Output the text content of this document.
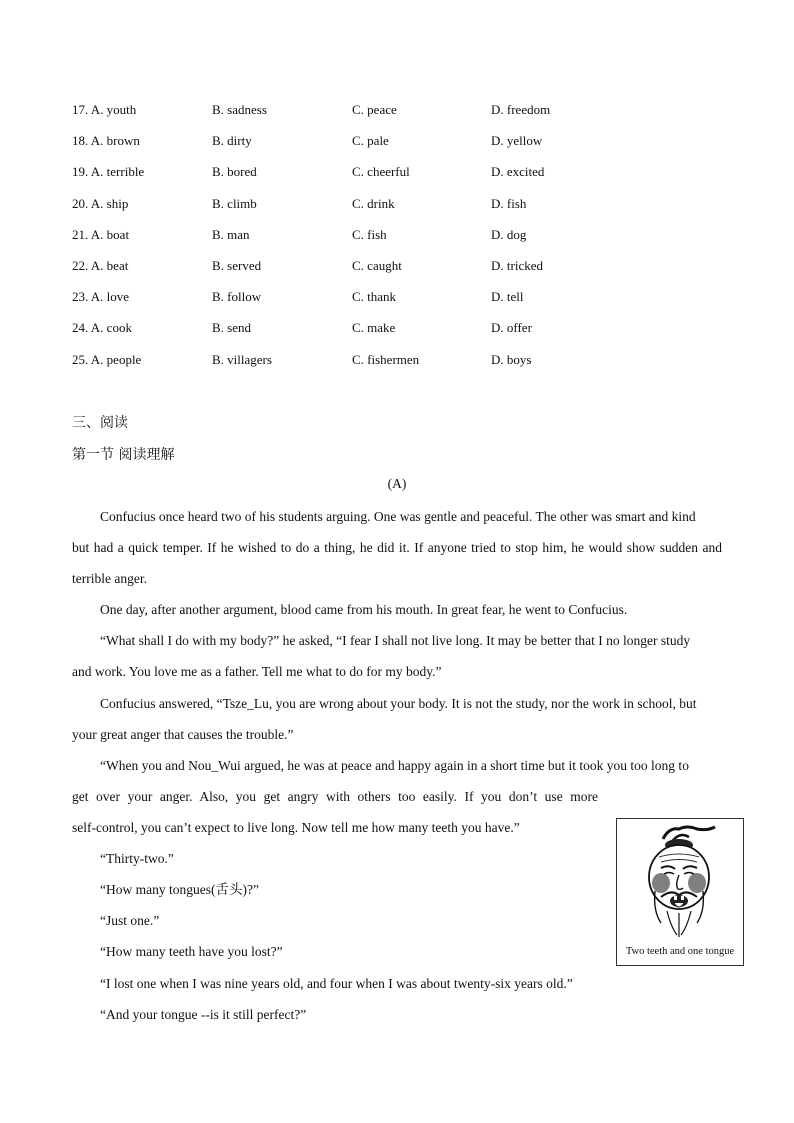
17. A. youth	B. sadness	C. peace	D. freedom
18. A. brown	B. dirty	C. pale	D. yellow
19. A. terrible	B. bored	C. cheerful	D. excited
20. A. ship	B. climb	C. drink	D. fish
21. A. boat	B. man	C. fish	D. dog
22. A. beat	B. served	C. caught	D. tricked
23. A. love	B. follow	C. thank	D. tell
24. A. cook	B. send	C. make	D. offer
25. A. people	B. villagers	C. fishermen	D. boys
三、阅读
第一节 阅读理解
(A)
Confucius once heard two of his students arguing. One was gentle and peaceful. The other was smart and kind
but had a quick temper. If he wished to do a thing, he did it. If anyone tried to stop him, he would show sudden and
terrible anger.
One day, after another argument, blood came from his mouth. In great fear, he went to Confucius.
“What shall I do with my body?” he asked, “I fear I shall not live long. It may be better that I no longer study
and work. You love me as a father. Tell me what to do for my body.”
Confucius answered, “Tsze_Lu, you are wrong about your body. It is not the study, nor the work in school, but
your great anger that causes the trouble.”
“When you and Nou_Wui argued, he was at peace and happy again in a short time but it took you too long to
get over your anger. Also, you get angry with others too easily. If you don’t use more
self-control, you can’t expect to live long. Now tell me how many teeth you have.”
“Thirty-two.”
“How many tongues(舌头)?”
“Just one.”
“How many teeth have you lost?”
“I lost one when I was nine years old, and four when I was about twenty-six years old.”
“And your tongue --is it still perfect?”
Two teeth and one tongue
